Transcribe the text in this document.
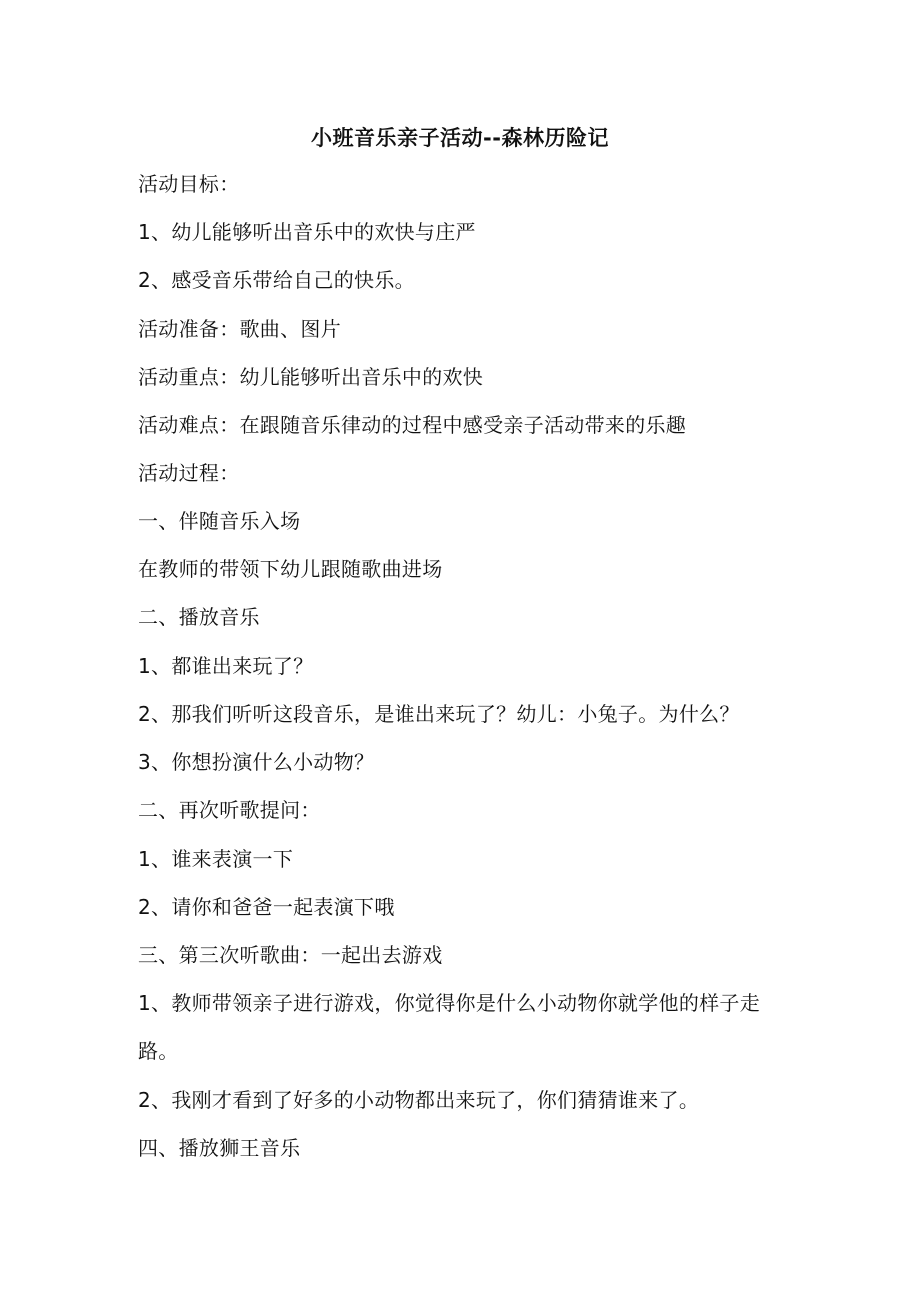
小班音乐亲子活动--森林历险记
活动目标：
1、幼儿能够听出音乐中的欢快与庄严
2、感受音乐带给自己的快乐。
活动准备：歌曲、图片
活动重点：幼儿能够听出音乐中的欢快
活动难点：在跟随音乐律动的过程中感受亲子活动带来的乐趣
活动过程：
一、伴随音乐入场
在教师的带领下幼儿跟随歌曲进场
二、播放音乐
1、都谁出来玩了？
2、那我们听听这段音乐，是谁出来玩了？幼儿：小兔子。为什么？
3、你想扮演什么小动物？
二、再次听歌提问：
1、谁来表演一下
2、请你和爸爸一起表演下哦
三、第三次听歌曲：一起出去游戏
1、教师带领亲子进行游戏，你觉得你是什么小动物你就学他的样子走路。
2、我刚才看到了好多的小动物都出来玩了，你们猜猜谁来了。
四、播放狮王音乐
